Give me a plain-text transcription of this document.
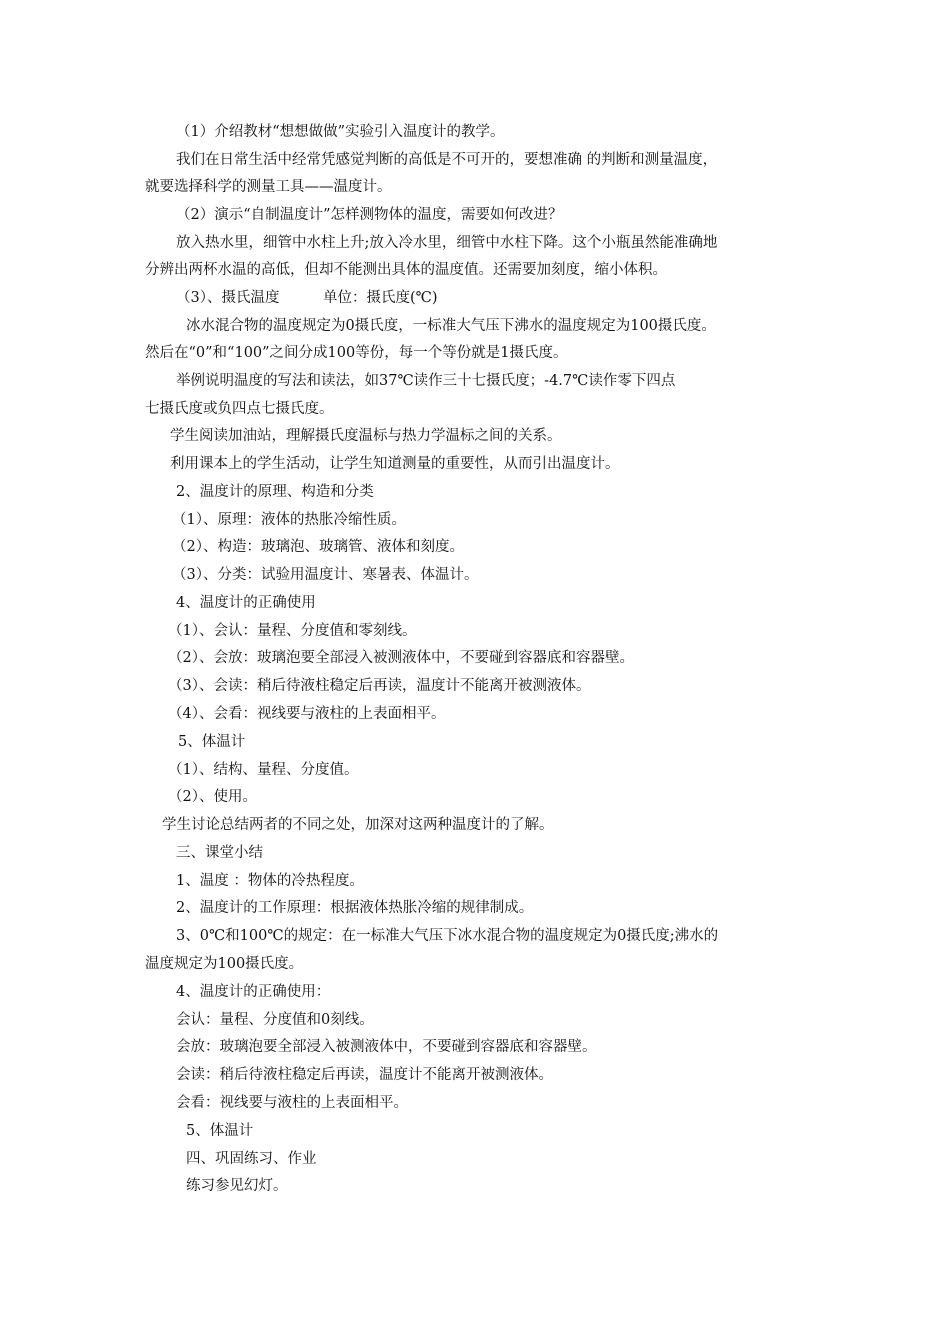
（1）介绍教材“想想做做”实验引入温度计的教学。
我们在日常生活中经常凭感觉判断的高低是不可开的，要想准确 的判断和测量温度，
就要选择科学的测量工具——温度计。
（2）演示“自制温度计”怎样测物体的温度，需要如何改进？
放入热水里，细管中水柱上升;放入冷水里，细管中水柱下降。这个小瓶虽然能准确地
分辨出两杯水温的高低，但却不能测出具体的温度值。还需要加刻度，缩小体积。
（3）、摄氏温度　　　单位：摄氏度(℃)
冰水混合物的温度规定为0摄氏度，一标准大气压下沸水的温度规定为100摄氏度。
然后在“0”和“100”之间分成100等份，每一个等份就是1摄氏度。
举例说明温度的写法和读法，如37℃读作三十七摄氏度；-4.7℃读作零下四点
七摄氏度或负四点七摄氏度。
学生阅读加油站，理解摄氏度温标与热力学温标之间的关系。
利用课本上的学生活动，让学生知道测量的重要性，从而引出温度计。
2、温度计的原理、构造和分类
（1）、原理：液体的热胀冷缩性质。
（2）、构造：玻璃泡、玻璃管、液体和刻度。
（3）、分类：试验用温度计、寒暑表、体温计。
4、温度计的正确使用
（1）、会认：量程、分度值和零刻线。
（2）、会放：玻璃泡要全部浸入被测液体中，不要碰到容器底和容器壁。
（3）、会读：稍后待液柱稳定后再读，温度计不能离开被测液体。
（4）、会看：视线要与液柱的上表面相平。
5、体温计
（1）、结构、量程、分度值。
（2）、使用。
学生讨论总结两者的不同之处，加深对这两种温度计的了解。
三、课堂小结
1、温度 ：物体的冷热程度。
2、温度计的工作原理：根据液体热胀冷缩的规律制成。
3、0℃和100℃的规定：在一标准大气压下冰水混合物的温度规定为0摄氏度;沸水的
温度规定为100摄氏度。
4、温度计的正确使用：
会认：量程、分度值和0刻线。
会放：玻璃泡要全部浸入被测液体中，不要碰到容器底和容器壁。
会读：稍后待液柱稳定后再读，温度计不能离开被测液体。
会看：视线要与液柱的上表面相平。
5、体温计
四、巩固练习、作业
练习参见幻灯。
